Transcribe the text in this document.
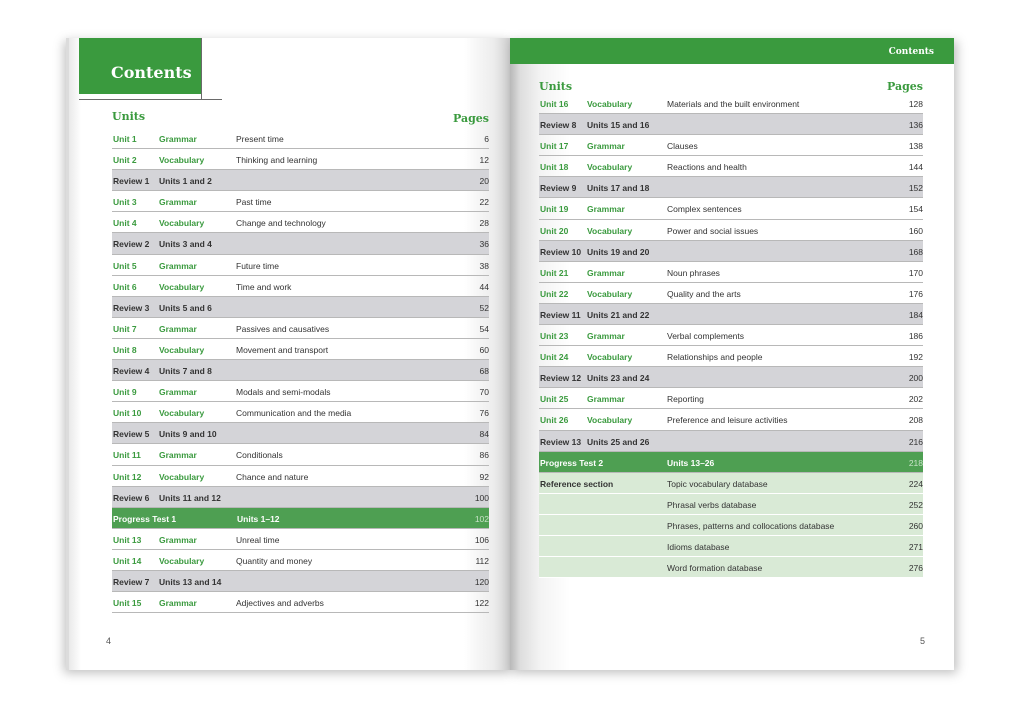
Contents
Units	Pages
Unit 1	Grammar	Present time	6
Unit 2	Vocabulary	Thinking and learning	12
Review 1 Units 1 and 2	20
Unit 3	Grammar	Past time	22
Unit 4	Vocabulary	Change and technology	28
Review 2 Units 3 and 4	36
Unit 5	Grammar	Future time	38
Unit 6	Vocabulary	Time and work	44
Review 3 Units 5 and 6	52
Unit 7	Grammar	Passives and causatives	54
Unit 8	Vocabulary	Movement and transport	60
Review 4 Units 7 and 8	68
Unit 9	Grammar	Modals and semi-modals	70
Unit 10 Vocabulary	Communication and the media	76
Review 5 Units 9 and 10	84
Unit 11 Grammar	Conditionals	86
Unit 12 Vocabulary	Chance and nature	92
Review 6 Units 11 and 12	100
Progress Test 1	Units 1–12	102
Unit 13 Grammar	Unreal time	106
Unit 14 Vocabulary	Quantity and money	112
Review 7 Units 13 and 14	120
Unit 15 Grammar	Adjectives and adverbs	122
4
Contents
Units	Pages
Unit 16 Vocabulary	Materials and the built environment	128
Review 8 Units 15 and 16	136
Unit 17 Grammar	Clauses	138
Unit 18 Vocabulary	Reactions and health	144
Review 9 Units 17 and 18	152
Unit 19 Grammar	Complex sentences	154
Unit 20 Vocabulary	Power and social issues	160
Review 10 Units 19 and 20	168
Unit 21 Grammar	Noun phrases	170
Unit 22 Vocabulary	Quality and the arts	176
Review 11 Units 21 and 22	184
Unit 23 Grammar	Verbal complements	186
Unit 24 Vocabulary	Relationships and people	192
Review 12 Units 23 and 24	200
Unit 25 Grammar	Reporting	202
Unit 26 Vocabulary	Preference and leisure activities	208
Review 13 Units 25 and 26	216
Progress Test 2	Units 13–26	218
Reference section	Topic vocabulary database	224
Phrasal verbs database	252
Phrases, patterns and collocations database	260
Idioms database	271
Word formation database	276
5
